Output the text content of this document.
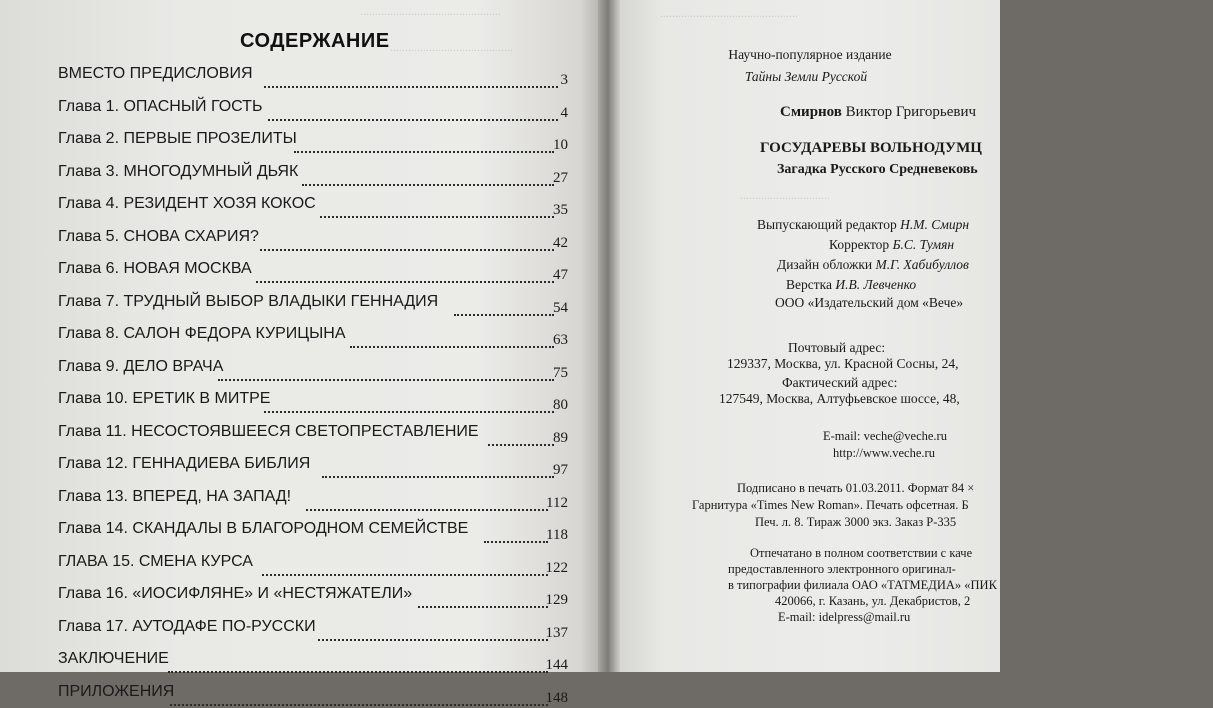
...............................................
.........................................
СОДЕРЖАНИЕ
ВМЕСТО ПРЕДИСЛОВИЯ	3
Глава 1. ОПАСНЫЙ ГОСТЬ	4
Глава 2. ПЕРВЫЕ ПРОЗЕЛИТЫ	10
Глава 3. МНОГОДУМНЫЙ ДЬЯК	27
Глава 4. РЕЗИДЕНТ ХОЗЯ КОКОС	35
Глава 5. СНОВА СХАРИЯ?	42
Глава 6. НОВАЯ МОСКВА	47
Глава 7. ТРУДНЫЙ ВЫБОР ВЛАДЫКИ ГЕННАДИЯ	54
Глава 8. САЛОН ФЕДОРА КУРИЦЫНА	63
Глава 9. ДЕЛО ВРАЧА	75
Глава 10. ЕРЕТИК В МИТРЕ	80
Глава 11. НЕСОСТОЯВШЕЕСЯ СВЕТОПРЕСТАВЛЕНИЕ	89
Глава 12. ГЕННАДИЕВА БИБЛИЯ	97
Глава 13. ВПЕРЕД, НА ЗАПАД!	112
Глава 14. СКАНДАЛЫ В БЛАГОРОДНОМ СЕМЕЙСТВЕ	118
ГЛАВА 15. СМЕНА КУРСА	122
Глава 16. «ИОСИФЛЯНЕ» И «НЕСТЯЖАТЕЛИ»	129
Глава 17. АУТОДАФЕ ПО-РУССКИ	137
ЗАКЛЮЧЕНИЕ	144
ПРИЛОЖЕНИЯ	148
..............................................
..............................
Научно-популярное издание
Тайны Земли Русской
Смирнов Виктор Григорьевич
ГОСУДАРЕВЫ ВОЛЬНОДУМЦ
Загадка Русского Средневековь
Выпускающий редактор Н.М. Смирн
Корректор Б.С. Тумян
Дизайн обложки М.Г. Хабибуллов
Верстка И.В. Левченко
ООО «Издательский дом «Вече»
Почтовый адрес:
129337, Москва, ул. Красной Сосны, 24,
Фактический адрес:
127549, Москва, Алтуфьевское шоссе, 48,
E-mail: veche@veche.ru
http://www.veche.ru
Подписано в печать 01.03.2011. Формат 84 ×
Гарнитура «Times New Roman». Печать офсетная. Б
Печ. л. 8. Тираж 3000 экз. Заказ Р-335
Отпечатано в полном соответствии с каче
предоставленного электронного оригинал-
в типографии филиала ОАО «ТАТМЕДИА» «ПИК
420066, г. Казань, ул. Декабристов, 2
E-mail: idelpress@mail.ru
